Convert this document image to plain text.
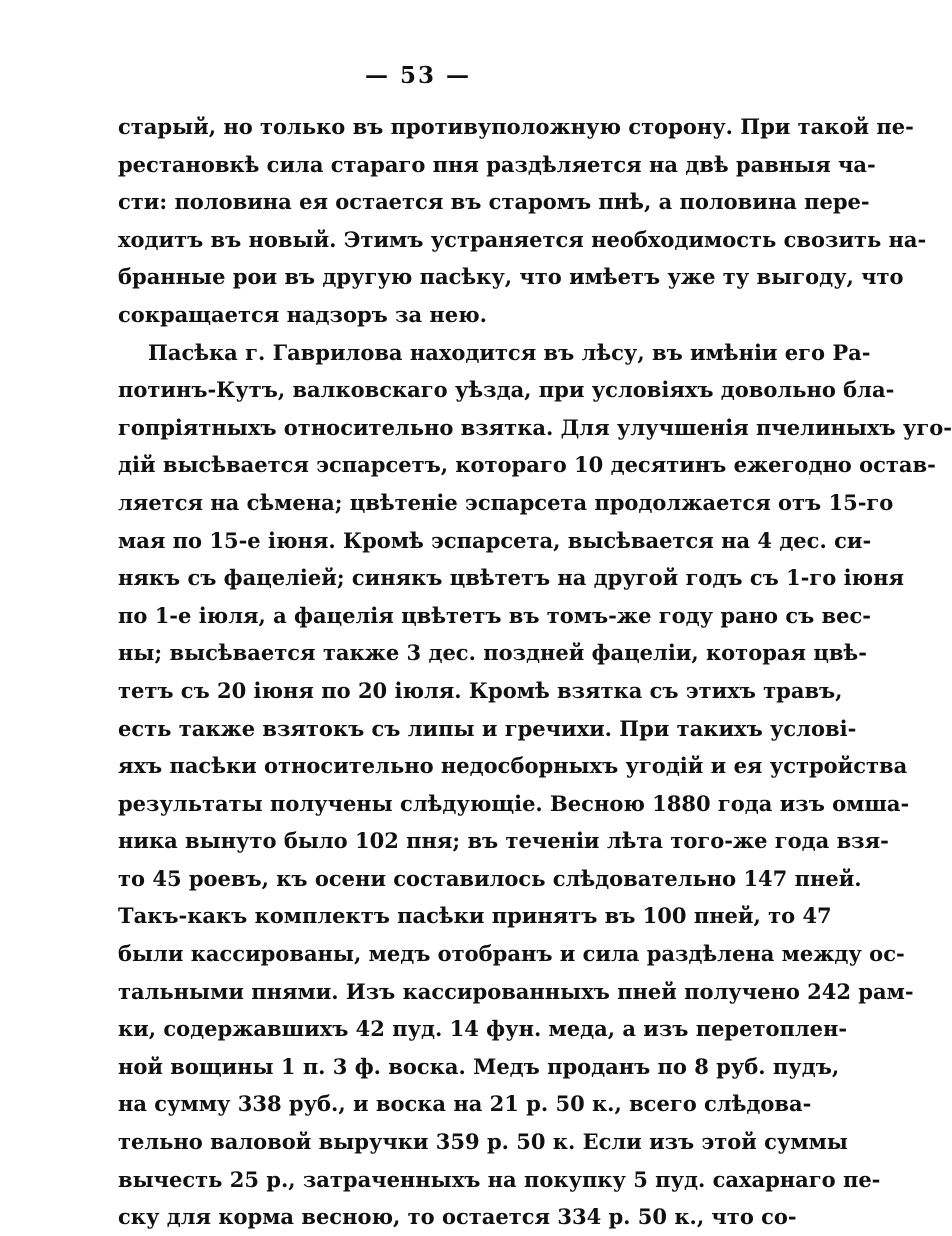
— 53 —
старый, но только въ противуположную сторону. При такой пе-
рестановкѣ сила стараго пня раздѣляется на двѣ равныя ча-
сти: половина ея остается въ старомъ пнѣ, а половина пере-
ходитъ въ новый. Этимъ устраняется необходимость свозить на-
бранные рои въ другую пасѣку, что имѣетъ уже ту выгоду, что
сокращается надзоръ за нею.
Пасѣка г. Гаврилова находится въ лѣсу, въ имѣніи его Ра-
потинъ-Кутъ, валковскаго уѣзда, при условіяхъ довольно бла-
гопріятныхъ относительно взятка. Для улучшенія пчелиныхъ уго-
дій высѣвается эспарсетъ, котораго 10 десятинъ ежегодно остав-
ляется на сѣмена; цвѣтеніе эспарсета продолжается отъ 15-го
мая по 15-е іюня. Кромѣ эспарсета, высѣвается на 4 дес. си-
някъ съ фацеліей; синякъ цвѣтетъ на другой годъ съ 1-го іюня
по 1-е іюля, а фацелія цвѣтетъ въ томъ-же году рано съ вес-
ны; высѣвается также 3 дес. поздней фацеліи, которая цвѣ-
тетъ съ 20 іюня по 20 іюля. Кромѣ взятка съ этихъ травъ,
есть также взятокъ съ липы и гречихи. При такихъ услові-
яхъ пасѣки относительно недосборныхъ угодій и ея устройства
результаты получены слѣдующіе. Весною 1880 года изъ омша-
ника вынуто было 102 пня; въ теченіи лѣта того-же года взя-
то 45 роевъ, къ осени составилось слѣдовательно 147 пней.
Такъ-какъ комплектъ пасѣки принятъ въ 100 пней, то 47
были кассированы, медъ отобранъ и сила раздѣлена между ос-
тальными пнями. Изъ кассированныхъ пней получено 242 рам-
ки, содержавшихъ 42 пуд. 14 фун. меда, а изъ перетоплен-
ной вощины 1 п. 3 ф. воска. Медъ проданъ по 8 руб. пудъ,
на сумму 338 руб., и воска на 21 р. 50 к., всего слѣдова-
тельно валовой выручки 359 р. 50 к. Если изъ этой суммы
вычесть 25 р., затраченныхъ на покупку 5 пуд. сахарнаго пе-
ску для корма весною, то остается 334 р. 50 к., что со-
